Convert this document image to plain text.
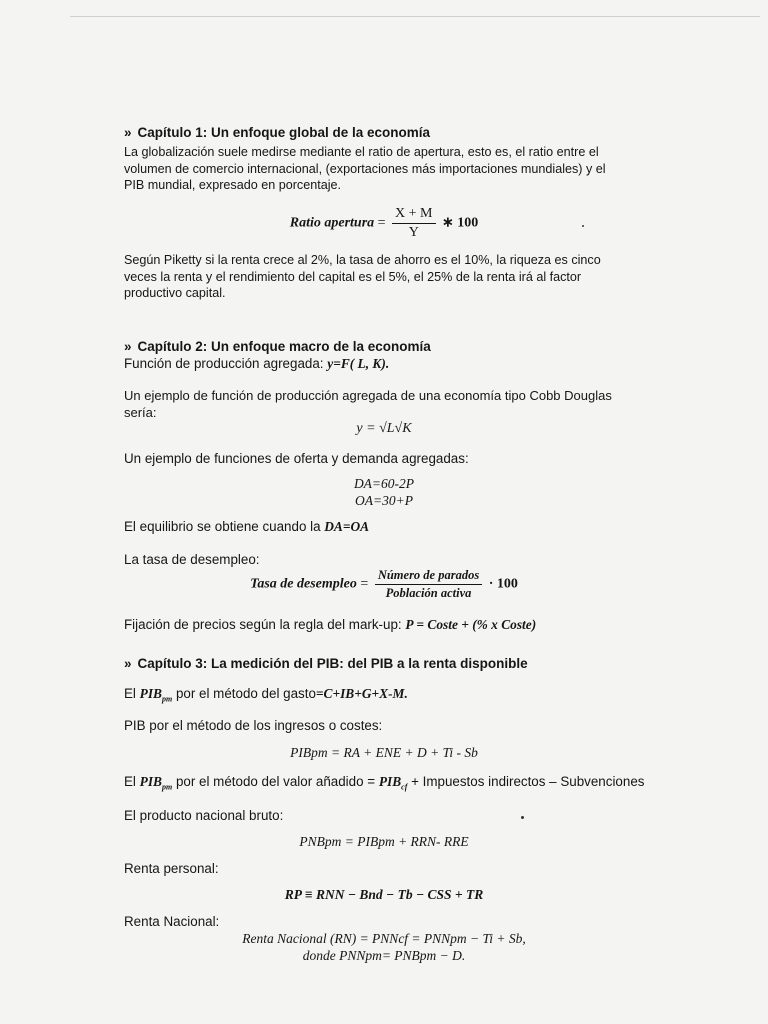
» Capítulo 1: Un enfoque global de la economía
La globalización suele medirse mediante el ratio de apertura, esto es, el ratio entre el
volumen de comercio internacional, (exportaciones más importaciones mundiales) y el
PIB mundial, expresado en porcentaje.
Ratio apertura = $\frac{X + M}{Y}$ ∗ 100
Según Piketty si la renta crece al 2%, la tasa de ahorro es el 10%, la riqueza es cinco
veces la renta y el rendimiento del capital es el 5%, el 25% de la renta irá al factor
productivo capital.
» Capítulo 2: Un enfoque macro de la economía
Función de producción agregada: y=F( L, K).
Un ejemplo de función de producción agregada de una economía tipo Cobb Douglas
sería:
y = √L√K
Un ejemplo de funciones de oferta y demanda agregadas:
DA=60-2P
OA=30+P
El equilibrio se obtiene cuando la DA=OA
La tasa de desempleo:
Tasa de desempleo = $\frac{\text{Número de parados}}{\text{Población activa}} \cdot 100$
Fijación de precios según la regla del mark-up: P = Coste + (% x Coste)
» Capítulo 3: La medición del PIB: del PIB a la renta disponible
El $PIB_{pm}$ por el método del gasto=C+IB+G+X-M.
PIB por el método de los ingresos o costes:
PIBpm = RA + ENE + D + Ti - Sb
El $PIB_{pm}$ por el método del valor añadido = $PIB_{cf}$ + Impuestos indirectos – Subvenciones
El producto nacional bruto:
PNBpm = PIBpm + RRN- RRE
Renta personal:
RP ≡ RNN − Bnd − Tb − CSS + TR
Renta Nacional:
Renta Nacional (RN) = PNNcf = PNNpm − Ti + Sb,
donde PNNpm= PNBpm − D.
